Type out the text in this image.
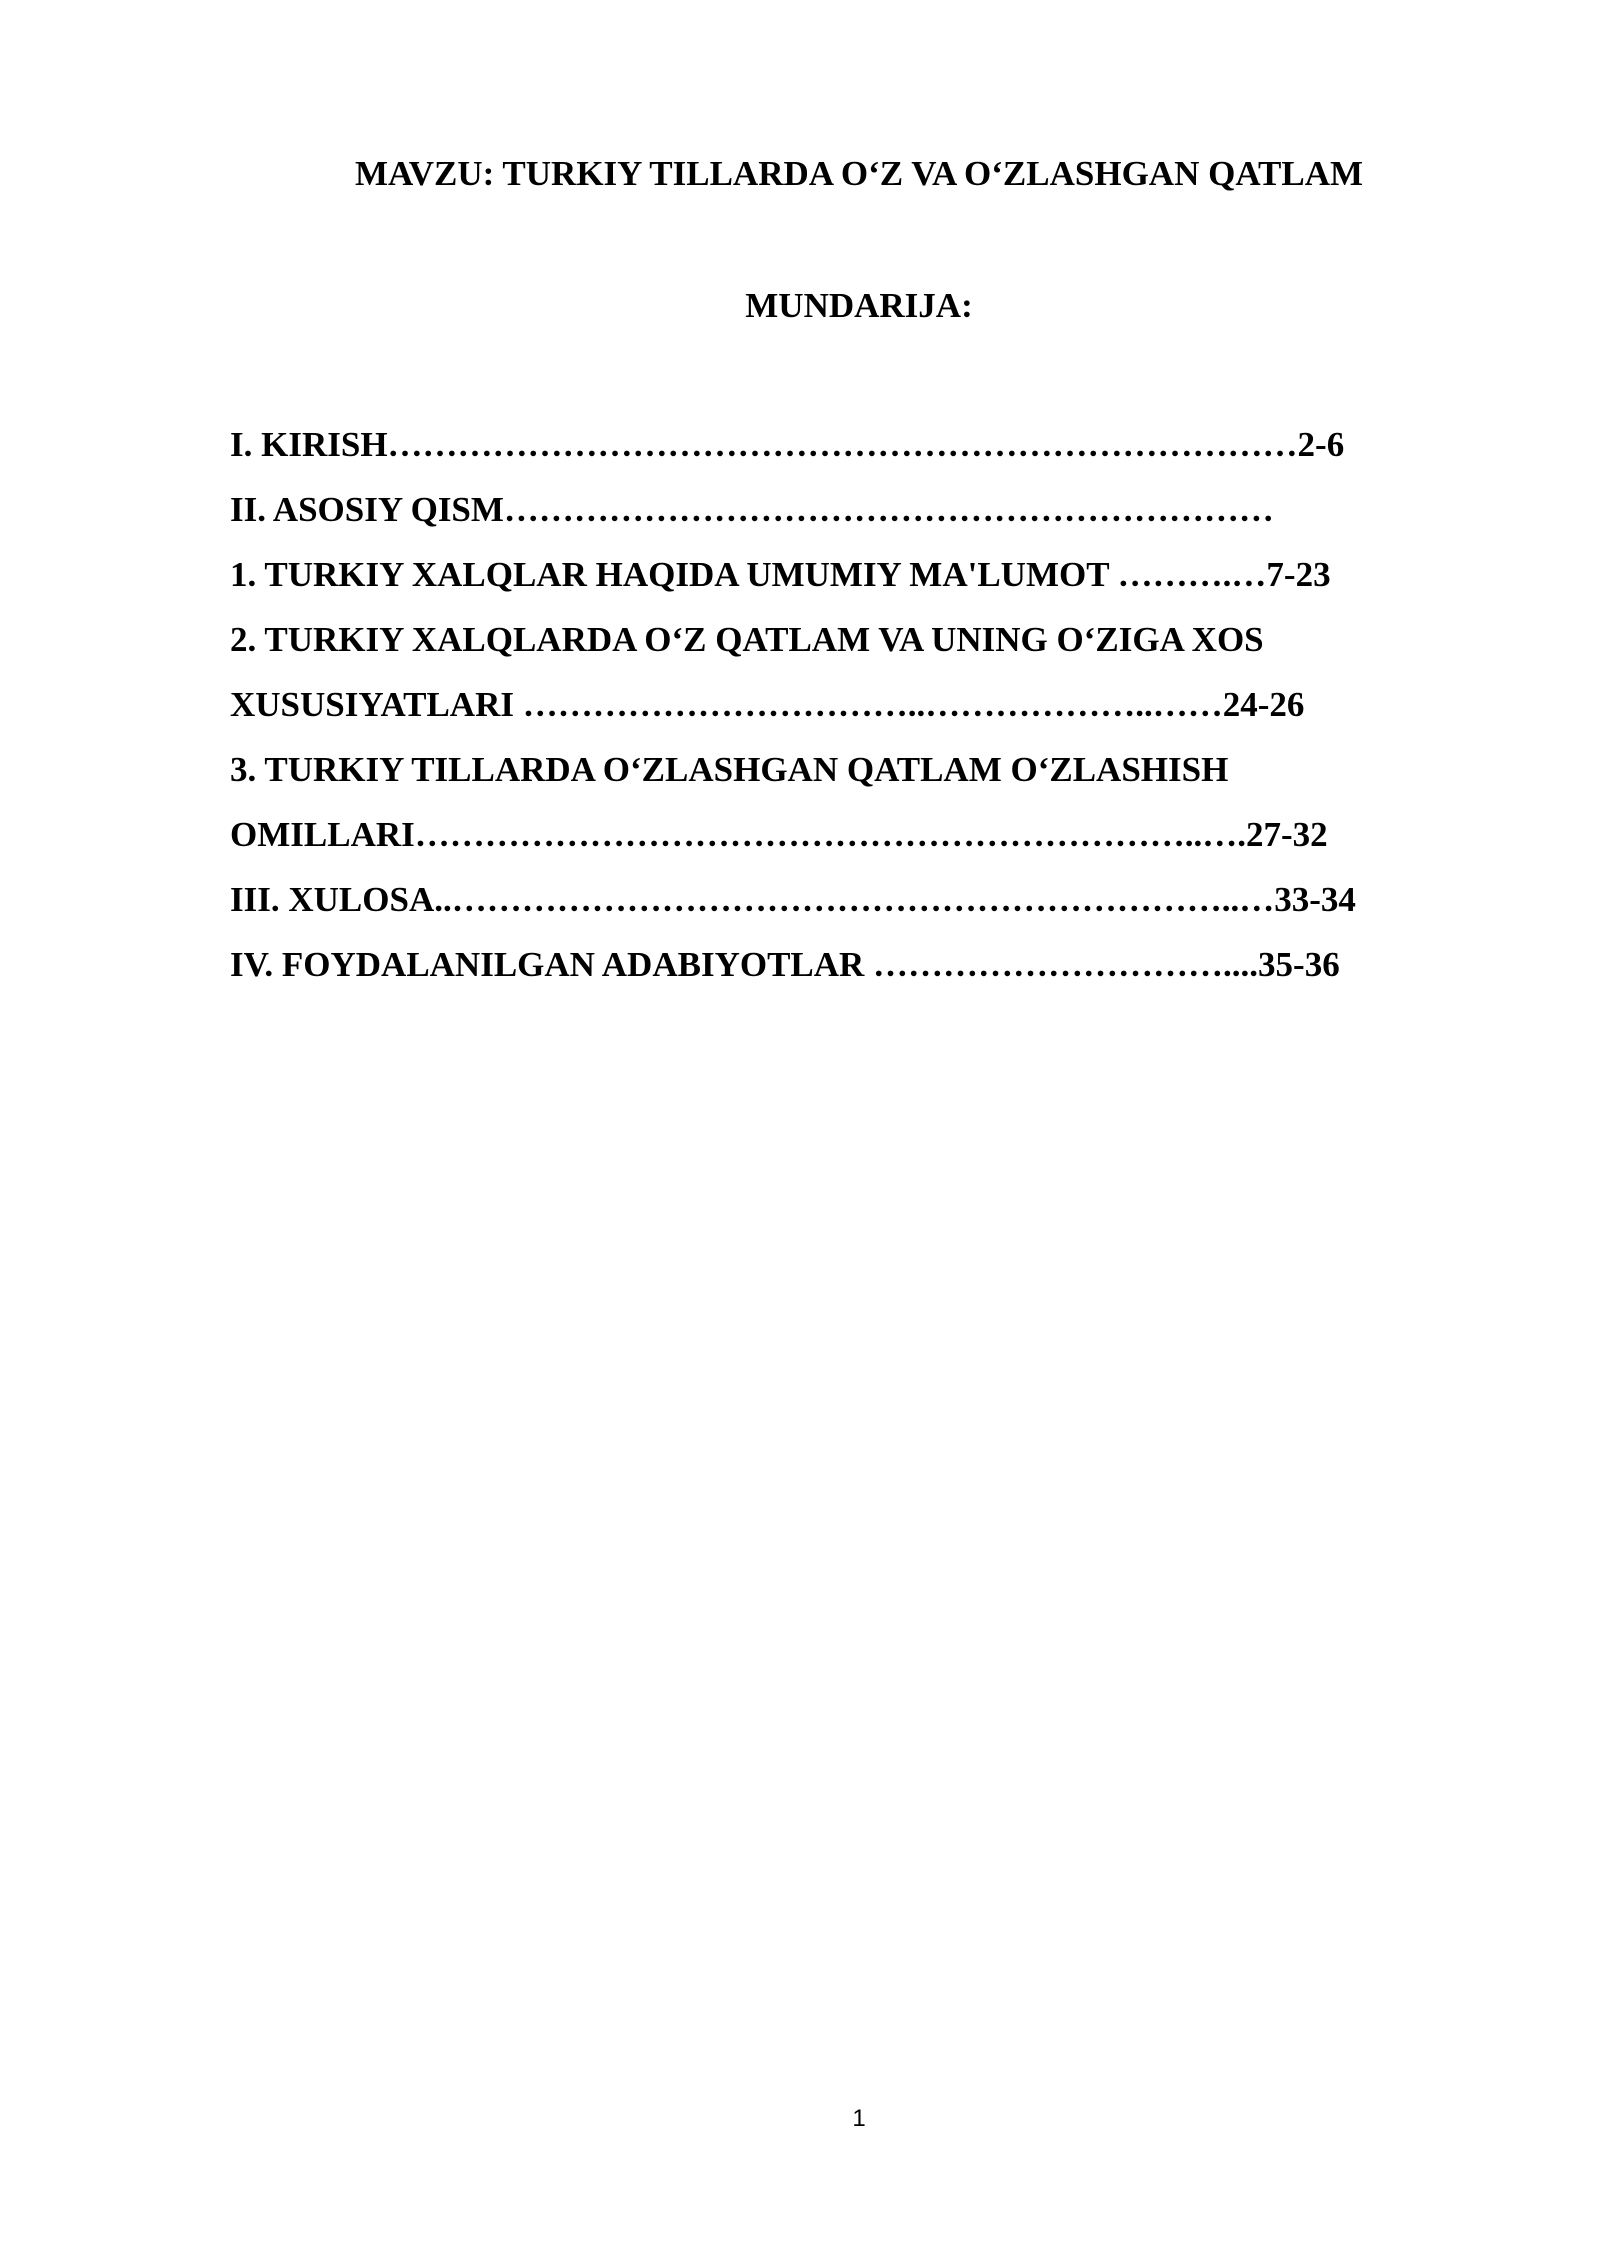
MAVZU: TURKIY TILLARDA O‘Z VA O‘ZLASHGAN QATLAM
MUNDARIJA:
I. KIRISH……………………………………………………………………2-6
II. ASOSIY QISM…………………………………………………………
1. TURKIY XALQLAR HAQIDA UMUMIY MA'LUMOT ……….…7-23
2. TURKIY XALQLARDA O‘Z QATLAM VA UNING O‘ZIGA XOS
XUSUSIYATLARI ……………………………..………………..……24-26
3. TURKIY TILLARDA O‘ZLASHGAN QATLAM O‘ZLASHISH
OMILLARI…………………………………………………………..….27-32
III. XULOSA..…………………………………………………………..…33-34
IV. FOYDALANILGAN ADABIYOTLAR …………………………....35-36
1
